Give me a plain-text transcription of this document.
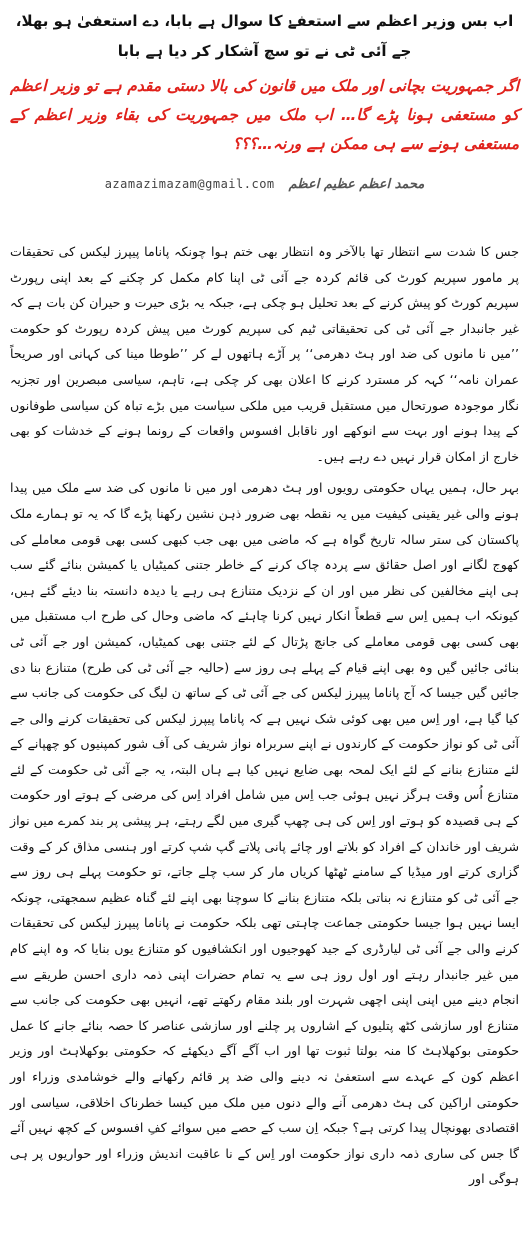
اب بس وزیر اعظم سے استعفےٰ کا سوال ہے بابا، دے استعفیٰ ہو بھلا، جے آئی ٹی نے تو سچ آشکار کر دیا ہے بابا
اگر جمہوریت بچانی اور ملک میں قانون کی بالا دستی مقدم ہے تو وزیر اعظم کو مستعفی ہونا پڑے گا… اب ملک میں جمہوریت کی بقاء وزیر اعظم کے مستعفی ہونے سے ہی ممکن ہے ورنہ…؟؟؟
محمد اعظم عظیم اعظم
azamazimazam@gmail.com

جس کا شدت سے انتظار تھا بالآخر وہ انتظار بھی ختم ہوا چونکہ پاناما پیپرز لیکس کی تحقیقات پر مامور سپریم کورٹ کی قائم کردہ جے آئی ٹی اپنا کام مکمل کر چکنے کے بعد اپنی رپورٹ سپریم کورٹ کو پیش کرنے کے بعد تحلیل ہو چکی ہے، جبکہ یہ بڑی حیرت و حیران کن بات ہے کہ غیر جانبدار جے آئی ٹی کی تحقیقاتی ٹیم کی سپریم کورٹ میں پیش کردہ رپورٹ کو حکومت ’’میں نا مانوں کی ضد اور ہٹ دھرمی‘‘ پر آڑے ہاتھوں لے کر ’’طوطا مینا کی کہانی اور صریحاً عمران نامہ‘‘ کہہ کر مسترد کرنے کا اعلان بھی کر چکی ہے، تاہم، سیاسی مبصرین اور تجزیہ نگار موجودہ صورتحال میں مستقبل قریب میں ملکی سیاست میں بڑے تباہ کن سیاسی طوفانوں کے پیدا ہونے اور بہت سے انوکھے اور ناقابل افسوس واقعات کے رونما ہونے کے خدشات کو بھی خارج از امکان قرار نہیں دے رہے ہیں۔

بہر حال، ہمیں یہاں حکومتی رویوں اور ہٹ دھرمی اور میں نا مانوں کی ضد سے ملک میں پیدا ہونے والی غیر یقینی کیفیت میں یہ نقطہ بھی ضرور ذہن نشین رکھنا پڑے گا کہ یہ تو ہمارے ملک پاکستان کی ستر سالہ تاریخ گواہ ہے کہ ماضی میں بھی جب کبھی کسی بھی قومی معاملے کی کھوج لگانے اور اصل حقائق سے پردہ چاک کرنے کے خاطر جتنی کمیٹیاں یا کمیشن بنائے گئے سب ہی اپنے مخالفین کی نظر میں اور ان کے نزدیک متنازع ہی رہے یا دیدہ دانستہ بنا دیئے گئے ہیں، کیونکہ اب ہمیں اِس سے قطعاً انکار نہیں کرنا چاہئے کہ ماضی وحال کی طرح اب مستقبل میں بھی کسی بھی قومی معاملے کی جانچ پڑتال کے لئے جتنی بھی کمیٹیاں، کمیشن اور جے آئی ٹی بنائی جائیں گیں وہ بھی اپنے قیام کے پہلے ہی روز سے (حالیہ جے آئی ٹی کی طرح) متنازع بنا دی جائیں گیں جیسا کہ آج پاناما پیپرز لیکس کی جے آئی ٹی کے ساتھ ن لیگ کی حکومت کی جانب سے کیا گیا ہے، اور اِس میں بھی کوئی شک نہیں ہے کہ پاناما پیپرز لیکس کی تحقیقات کرنے والی جے آئی ٹی کو نواز حکومت کے کارندوں نے اپنے سربراہ نواز شریف کی آف شور کمپنیوں کو چھپانے کے لئے متنازع بنانے کے لئے ایک لمحہ بھی ضایع نہیں کیا ہے ہاں البتہ، یہ جے آئی ٹی حکومت کے لئے متنازع اُس وقت ہرگز نہیں ہوئی جب اِس میں شامل افراد اِس کی مرضی کے ہوتے اور حکومت کے ہی قصیدہ کو ہوتے اور اِس کی ہی چھپ گیری میں لگے رہتے، ہر پیشی پر بند کمرے میں نواز شریف اور خاندان کے افراد کو بلاتے اور چائے پانی پلاتے گپ شپ کرتے اور ہنسی مذاق کر کے وقت گزاری کرتے اور میڈیا کے سامنے ٹھٹھا کریاں مار کر سب چلے جاتے، تو حکومت پہلے ہی روز سے جے آئی ٹی کو متنازع نہ بناتی بلکہ متنازع بنانے کا سوچنا بھی اپنے لئے گناہ عظیم سمجھتی، چونکہ ایسا نہیں ہوا جیسا حکومتی جماعت چاہتی تھی بلکہ حکومت نے پاناما پیپرز لیکس کی تحقیقات کرنے والی جے آئی ٹی لیارڈری کے جید کھوجیوں اور انکشافیوں کو متنازع یوں بنایا کہ وہ اپنے کام میں غیر جانبدار رہتے اور اول روز ہی سے یہ تمام حضرات اپنی ذمہ داری احسن طریقے سے انجام دینے میں اپنی اپنی اچھی شہرت اور بلند مقام رکھتے تھے، انہیں بھی حکومت کی جانب سے متنازع اور سازشی کٹھ پتلیوں کے اشاروں پر چلنے اور سازشی عناصر کا حصہ بنائے جانے کا عمل حکومتی بوکھلاہٹ کا منہ بولتا ثبوت تھا اور اب آگے آگے دیکھئے کہ حکومتی بوکھلاہٹ اور وزیر اعظم کون کے عہدے سے استعفیٰ نہ دینے والی ضد پر قائم رکھانے والے خوشامدی وزراء اور حکومتی اراکین کی ہٹ دھرمی آنے والے دنوں میں ملک میں کیسا خطرناک اخلاقی، سیاسی اور اقتصادی بھونچال پیدا کرتی ہے؟ جبکہ اِن سب کے حصے میں سوائے کفِ افسوس کے کچھ نہیں آئے گا جس کی ساری ذمہ داری نواز حکومت اور اِس کے نا عاقبت اندیش وزراء اور حواریوں پر ہی ہوگی اور
